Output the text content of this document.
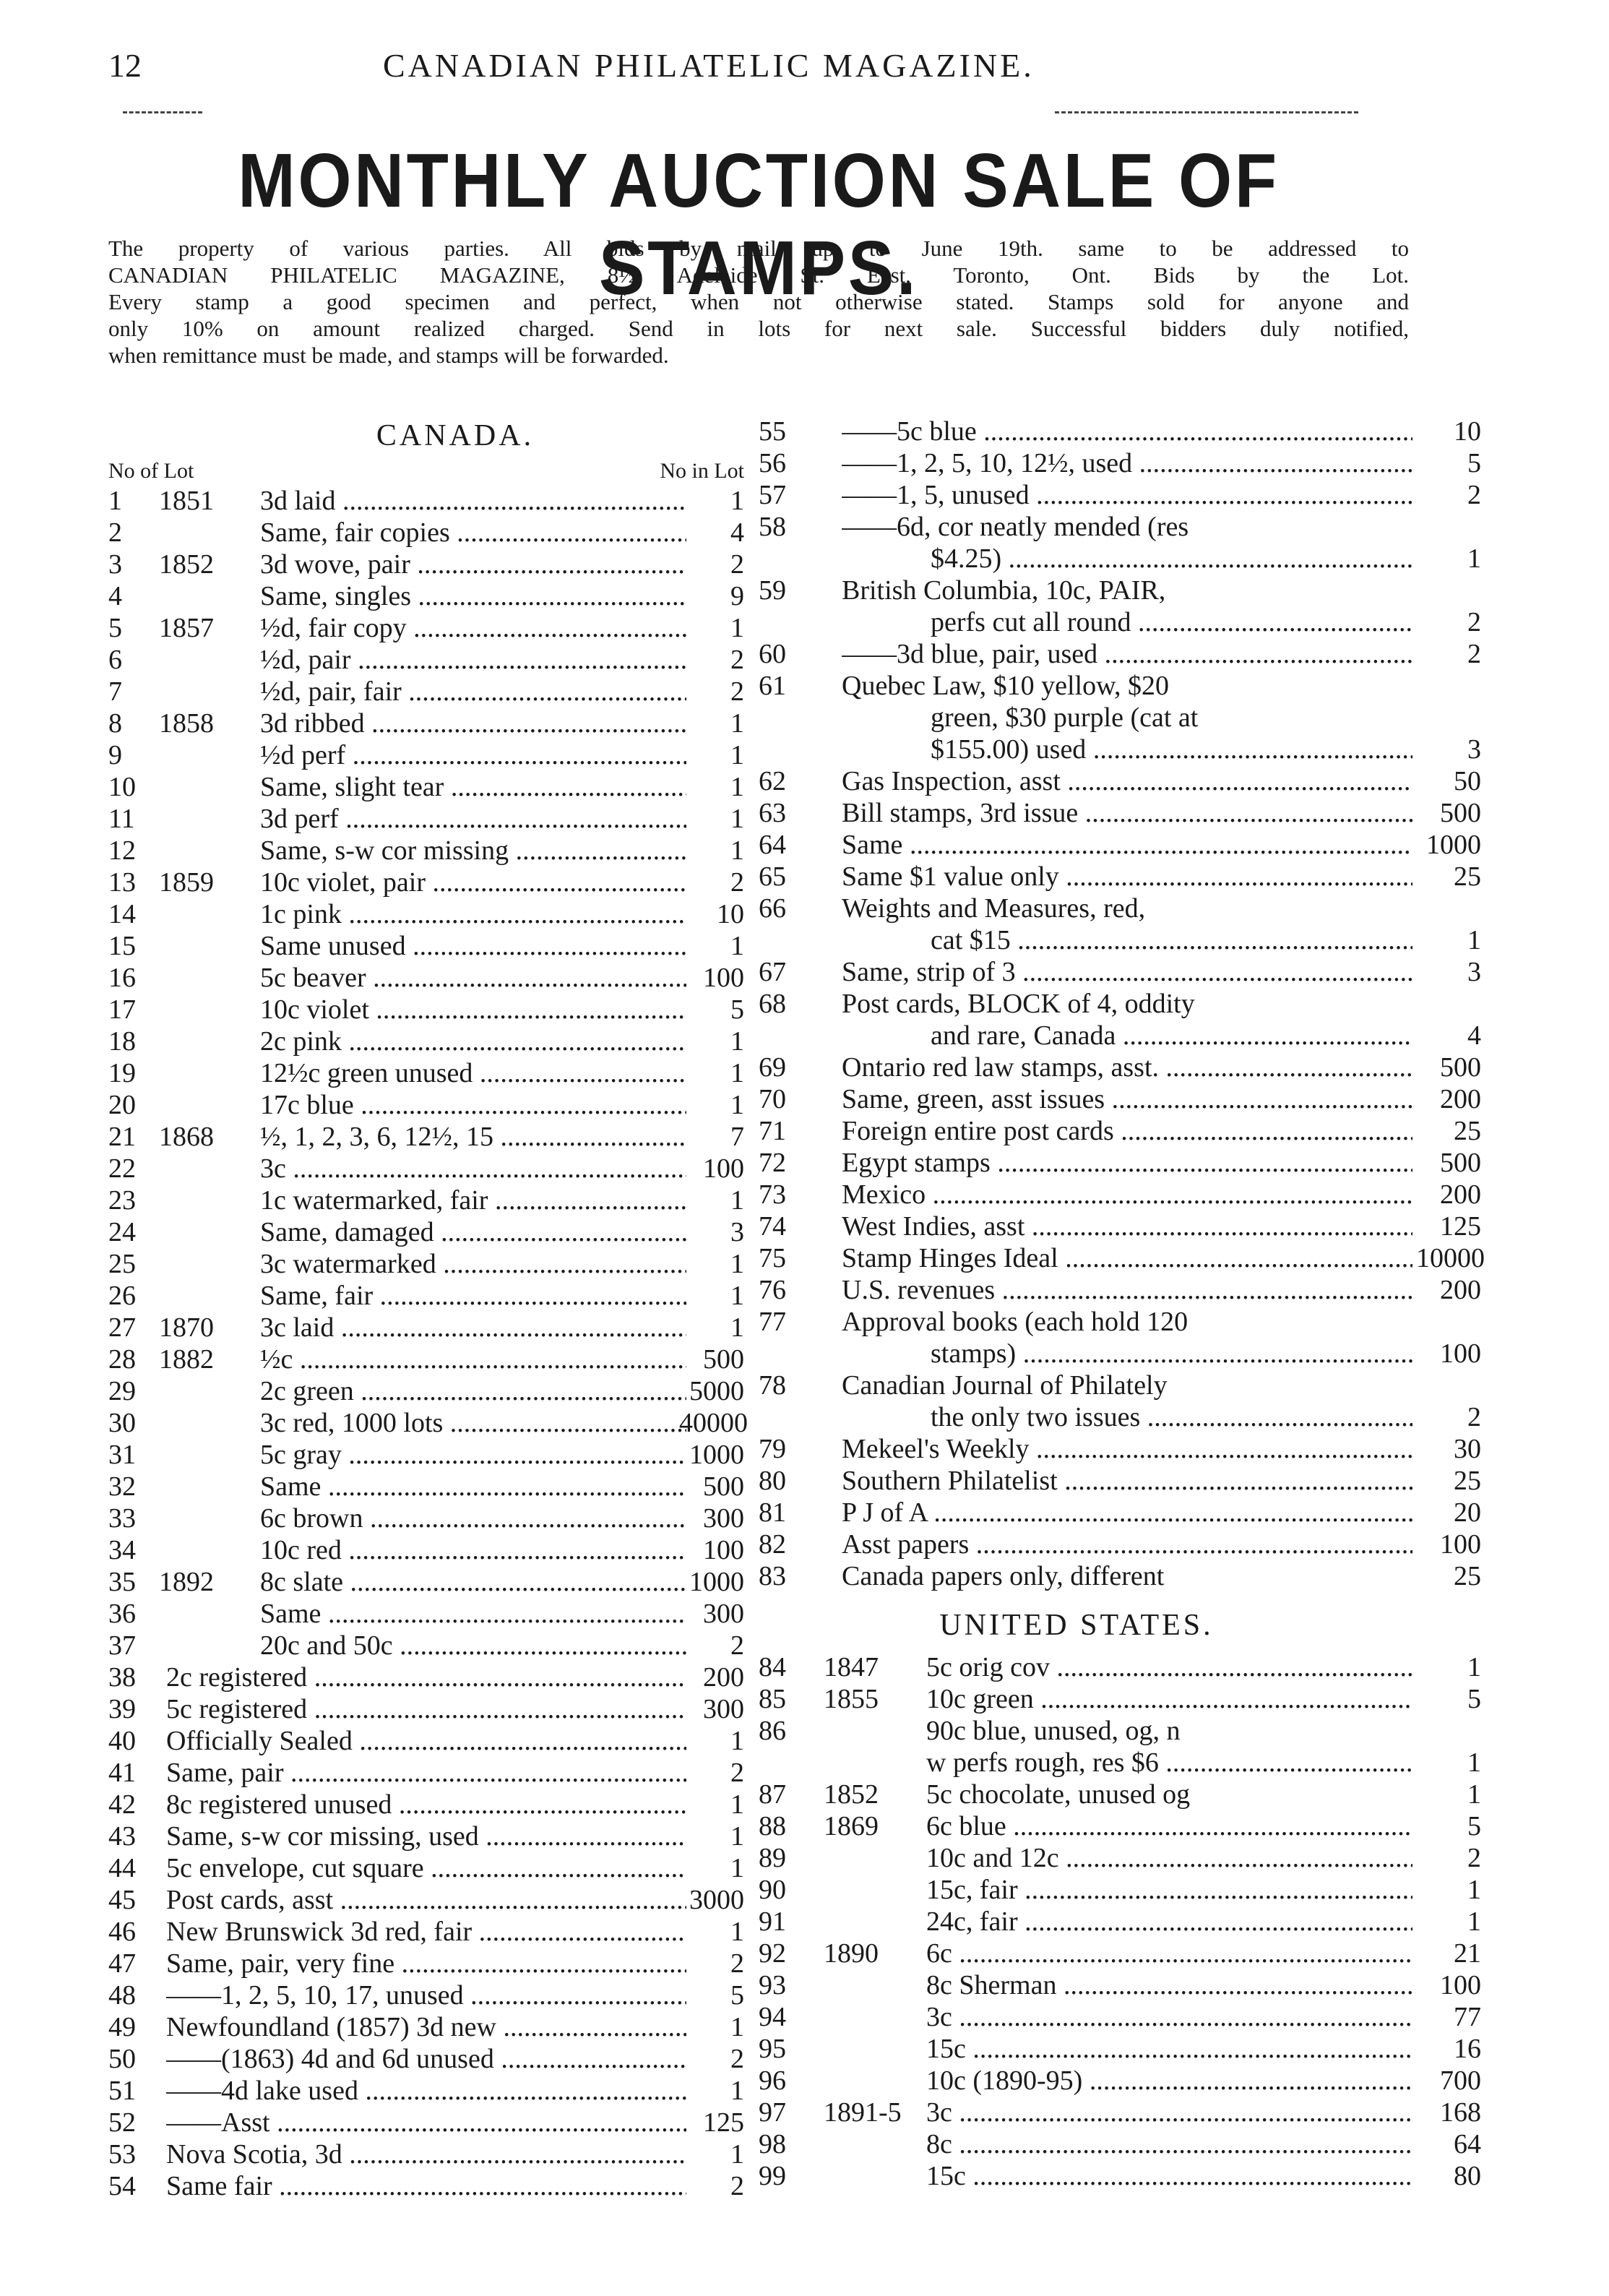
12	CANADIAN PHILATELIC MAGAZINE.
MONTHLY AUCTION SALE OF STAMPS.
The property of various parties. All bids by mail up to June 19th. same to be addressed to
CANADIAN PHILATELIC MAGAZINE, 8½ Adelaide St. East, Toronto, Ont. Bids by the Lot.
Every stamp a good specimen and perfect, when not otherwise stated. Stamps sold for anyone and
only 10% on amount realized charged. Send in lots for next sale. Successful bidders duly notified,
when remittance must be made, and stamps will be forwarded.
CANADA.
No of Lot	No in Lot
1	1851	3d laid .....	1
2	Same, fair copies .....	4
3	1852	3d wove, pair .....	2
4	Same, singles .....	9
5	1857	½d, fair copy .....	1
6	½d, pair .....	2
7	½d, pair, fair .....	2
8	1858	3d ribbed .....	1
9	½d perf .....	1
10	Same, slight tear .....	1
11	3d perf .....	1
12	Same, s-w cor missing .....	1
13 1859	10c violet, pair .....	2
14	1c pink .....	10
15	Same unused .....	1
16	5c beaver .....	100
17	10c violet .....	5
18	2c pink .....	1
19	12½c green unused .....	1
20	17c blue .....	1
21 1868	½, 1, 2, 3, 6, 12½, 15 .....	7
22	3c .....	100
23	1c watermarked, fair .....	1
24	Same, damaged .....	3
25	3c watermarked .....	1
26	Same, fair .....	1
27 1870	3c laid .....	1
28 1882	½c .....	500
29	2c green .....	5000
30	3c red, 1000 lots .....	40000
31	5c gray .....	1000
32	Same .....	500
33	6c brown .....	300
34	10c red .....	100
35 1892	8c slate .....	1000
36	Same .....	300
37	20c and 50c .....	2
38	2c registered .....	200
39	5c registered .....	300
40	Officially Sealed .....	1
41	Same, pair .....	2
42	8c registered unused .....	1
43	Same, s-w cor missing, used .....	1
44	5c envelope, cut square .....	1
45	Post cards, asst .....	3000
46	New Brunswick 3d red, fair .....	1
47	Same, pair, very fine .....	2
48	——1, 2, 5, 10, 17, unused .....	5
49	Newfoundland (1857) 3d new .....	1
50	——(1863) 4d and 6d unused .....	2
51	——4d lake used .....	1
52	——Asst .....	125
53	Nova Scotia, 3d .....	1
54	Same fair .....	2
55	——5c blue .....	10
56	——1, 2, 5, 10, 12½, used .....	5
57	——1, 5, unused .....	2
58	——6d, cor neatly mended (res
$4.25) .....	1
59	British Columbia, 10c, PAIR,
perfs cut all round .....	2
60	——3d blue, pair, used .....	2
61	Quebec Law, $10 yellow, $20
green, $30 purple (cat at
$155.00) used .....	3
62	Gas Inspection, asst .....	50
63	Bill stamps, 3rd issue .....	500
64	Same .....	1000
65	Same $1 value only .....	25
66	Weights and Measures, red,
cat $15 .....	1
67	Same, strip of 3 .....	3
68	Post cards, BLOCK of 4, oddity
and rare, Canada .....	4
69	Ontario red law stamps, asst. .....	500
70	Same, green, asst issues .....	200
71	Foreign entire post cards .....	25
72	Egypt stamps .....	500
73	Mexico .....	200
74	West Indies, asst .....	125
75	Stamp Hinges Ideal .....	10000
76	U.S. revenues .....	200
77	Approval books (each hold 120
stamps) .....	100
78	Canadian Journal of Philately
the only two issues .....	2
79	Mekeel's Weekly .....	30
80	Southern Philatelist .....	25
81	P J of A .....	20
82	Asst papers .....	100
83	Canada papers only, different	25
UNITED STATES.
84	1847	5c orig cov .....	1
85	1855	10c green .....	5
86	90c blue, unused, og, n
w perfs rough, res $6 .....	1
87	1852	5c chocolate, unused og	1
88	1869	6c blue .....	5
89	10c and 12c .....	2
90	15c, fair .....	1
91	24c, fair .....	1
92	1890	6c .....	21
93	8c Sherman .....	100
94	3c .....	77
95	15c .....	16
96	10c (1890-95) .....	700
97	1891-5 3c .....	168
98	8c .....	64
99	15c .....	80
